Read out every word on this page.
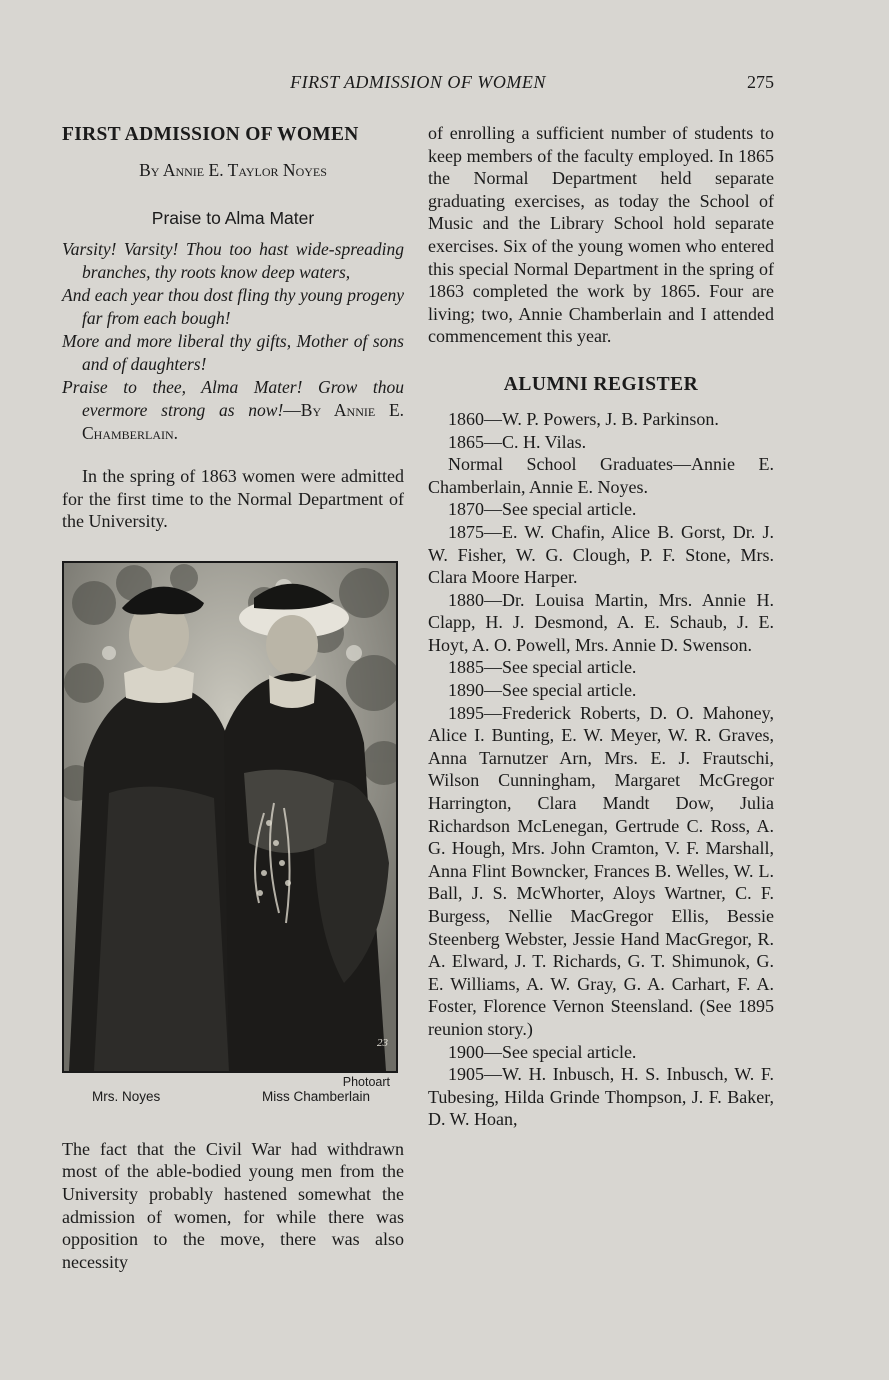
FIRST ADMISSION OF WOMEN	275
FIRST ADMISSION OF WOMEN
By Annie E. Taylor Noyes
Praise to Alma Mater

Varsity! Varsity! Thou too hast wide-spreading branches, thy roots know deep waters,

And each year thou dost fling thy young progeny far from each bough!

More and more liberal thy gifts, Mother of sons and of daughters!

Praise to thee, Alma Mater! Grow thou evermore strong as now!—By Annie E. Chamberlain.

In the spring of 1863 women were admitted for the first time to the Normal Department of the University.

23
Photoart
Mrs. Noyes	Miss Chamberlain

The fact that the Civil War had withdrawn most of the able-bodied young men from the University probably hastened somewhat the admission of women, for while there was opposition to the move, there was also necessity

of enrolling a sufficient number of students to keep members of the faculty employed. In 1865 the Normal Department held separate graduating exercises, as today the School of Music and the Library School hold separate exercises. Six of the young women who entered this special Normal Department in the spring of 1863 completed the work by 1865. Four are living; two, Annie Chamberlain and I attended commencement this year.

ALUMNI REGISTER

1860—W. P. Powers, J. B. Parkinson.

1865—C. H. Vilas.

Normal School Graduates—Annie E. Chamberlain, Annie E. Noyes.

1870—See special article.

1875—E. W. Chafin, Alice B. Gorst, Dr. J. W. Fisher, W. G. Clough, P. F. Stone, Mrs. Clara Moore Harper.

1880—Dr. Louisa Martin, Mrs. Annie H. Clapp, H. J. Desmond, A. E. Schaub, J. E. Hoyt, A. O. Powell, Mrs. Annie D. Swenson.

1885—See special article.

1890—See special article.

1895—Frederick Roberts, D. O. Mahoney, Alice I. Bunting, E. W. Meyer, W. R. Graves, Anna Tarnutzer Arn, Mrs. E. J. Frautschi, Wilson Cunningham, Margaret McGregor Harrington, Clara Mandt Dow, Julia Richardson McLenegan, Gertrude C. Ross, A. G. Hough, Mrs. John Cramton, V. F. Marshall, Anna Flint Bowncker, Frances B. Welles, W. L. Ball, J. S. McWhorter, Aloys Wartner, C. F. Burgess, Nellie MacGregor Ellis, Bessie Steenberg Webster, Jessie Hand MacGregor, R. A. Elward, J. T. Richards, G. T. Shimunok, G. E. Williams, A. W. Gray, G. A. Carhart, F. A. Foster, Florence Vernon Steensland. (See 1895 reunion story.)

1900—See special article.

1905—W. H. Inbusch, H. S. Inbusch, W. F. Tubesing, Hilda Grinde Thompson, J. F. Baker, D. W. Hoan,
